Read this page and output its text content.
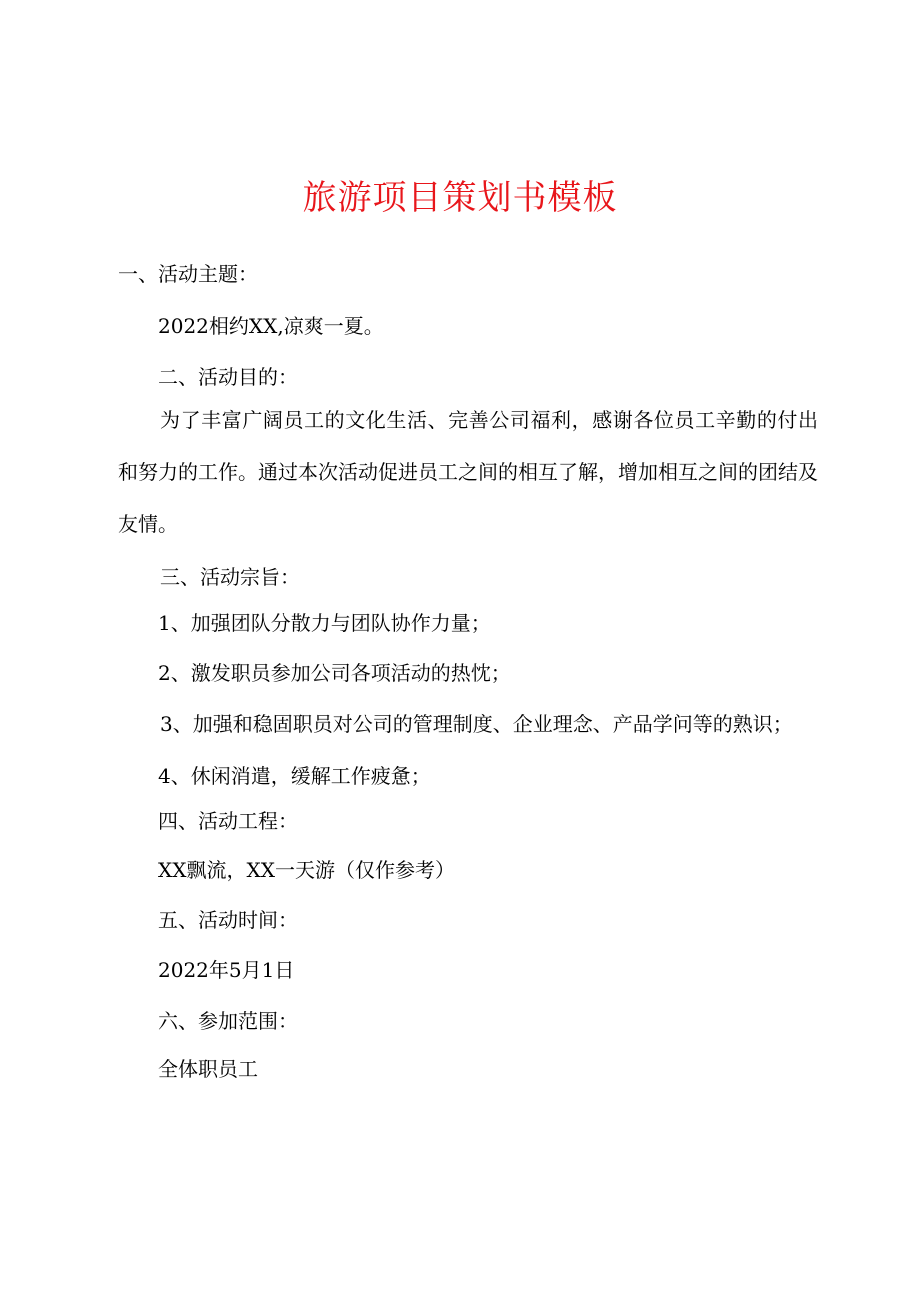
旅游项目策划书模板
一、活动主题：
2022相约XX,凉爽一夏。
二、活动目的：
为了丰富广阔员工的文化生活、完善公司福利，感谢各位员工辛勤的付出和努力的工作。通过本次活动促进员工之间的相互了解，增加相互之间的团结及友情。
三、活动宗旨：
1、加强团队分散力与团队协作力量；
2、激发职员参加公司各项活动的热忱；
3、加强和稳固职员对公司的管理制度、企业理念、产品学问等的熟识；
4、休闲消遣，缓解工作疲惫；
四、活动工程：
XX飘流，XX一天游（仅作参考）
五、活动时间：
2022年5月1日
六、参加范围：
全体职员工
